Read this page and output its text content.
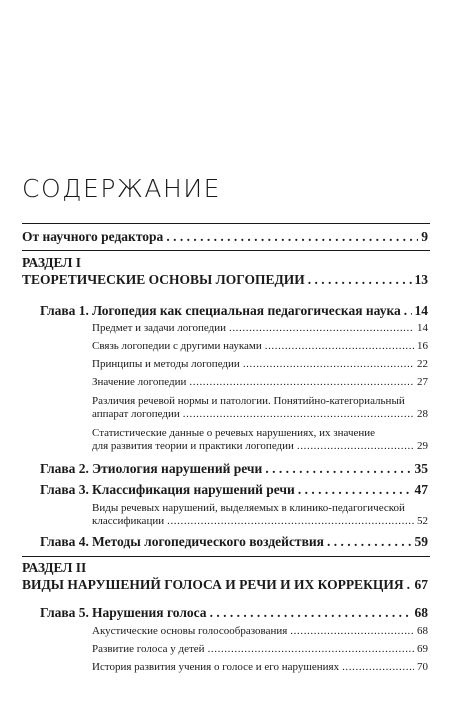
СОДЕРЖАНИЕ
От научного редактора . . .	9
РАЗДЕЛ I
ТЕОРЕТИЧЕСКИЕ ОСНОВЫ ЛОГОПЕДИИ . . .	13
Глава 1. Логопедия как специальная педагогическая наука . . . 14
Предмет и задачи логопедии .....	14
Связь логопедии с другими науками .....	16
Принципы и методы логопедии .....	22
Значение логопедии .....	27
Различия речевой нормы и патологии. Понятийно-категориальный
аппарат логопедии .....	28
Статистические данные о речевых нарушениях, их значение
для развития теории и практики логопедии .....	29
Глава 2. Этиология нарушений речи . . .	35
Глава 3. Классификация нарушений речи . . .	47
Виды речевых нарушений, выделяемых в клинико-педагогической
классификации .....	52
Глава 4. Методы логопедического воздействия . . .	59
РАЗДЕЛ II
ВИДЫ НАРУШЕНИЙ ГОЛОСА И РЕЧИ И ИХ КОРРЕКЦИЯ . . . 67
Глава 5. Нарушения голоса . . .	68
Акустические основы голосообразования .....	68
Развитие голоса у детей .....	69
История развития учения о голосе и его нарушениях .....	70
